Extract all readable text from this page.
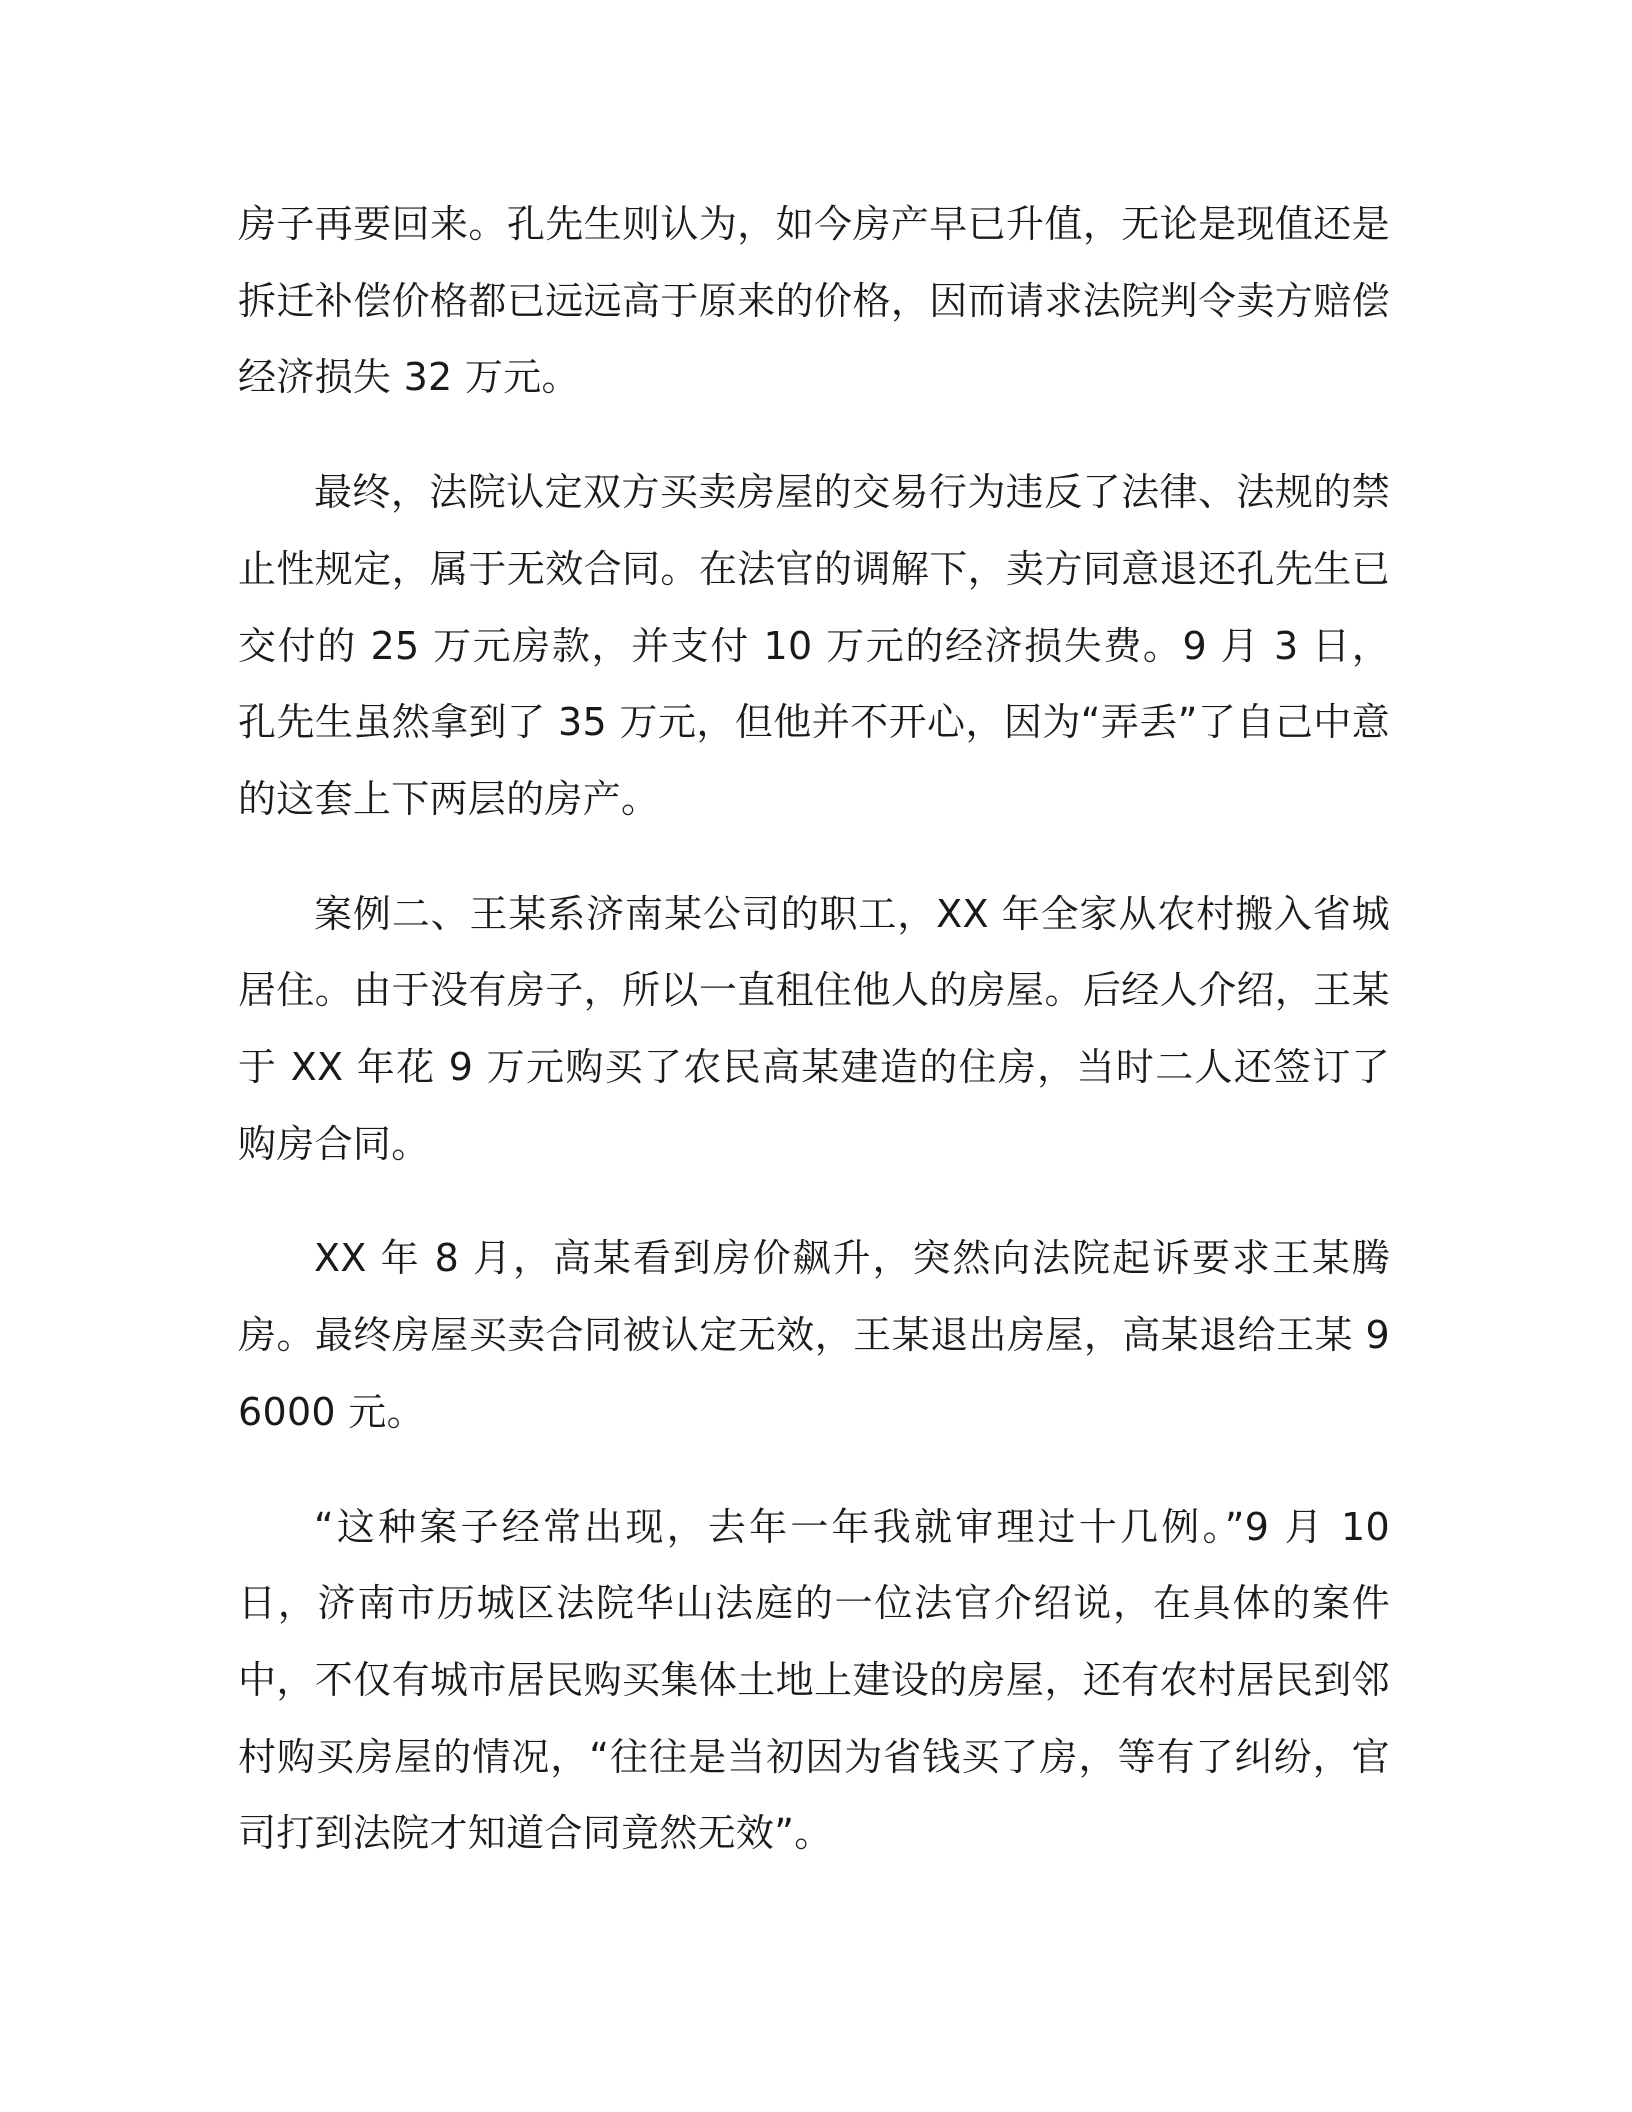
房子再要回来。孔先生则认为，如今房产早已升值，无论是现值还是拆迁补偿价格都已远远高于原来的价格，因而请求法院判令卖方赔偿经济损失 32 万元。

最终，法院认定双方买卖房屋的交易行为违反了法律、法规的禁止性规定，属于无效合同。在法官的调解下，卖方同意退还孔先生已交付的 25 万元房款，并支付 10 万元的经济损失费。9 月 3 日，孔先生虽然拿到了 35 万元，但他并不开心，因为“弄丢”了自己中意的这套上下两层的房产。

案例二、王某系济南某公司的职工，XX 年全家从农村搬入省城居住。由于没有房子，所以一直租住他人的房屋。后经人介绍，王某于 XX 年花 9 万元购买了农民高某建造的住房，当时二人还签订了购房合同。

XX 年 8 月，高某看到房价飙升，突然向法院起诉要求王某腾房。最终房屋买卖合同被认定无效，王某退出房屋，高某退给王某 96000 元。

“这种案子经常出现，去年一年我就审理过十几例。”9 月 10 日，济南市历城区法院华山法庭的一位法官介绍说，在具体的案件中，不仅有城市居民购买集体土地上建设的房屋，还有农村居民到邻村购买房屋的情况，“往往是当初因为省钱买了房，等有了纠纷，官司打到法院才知道合同竟然无效”。
